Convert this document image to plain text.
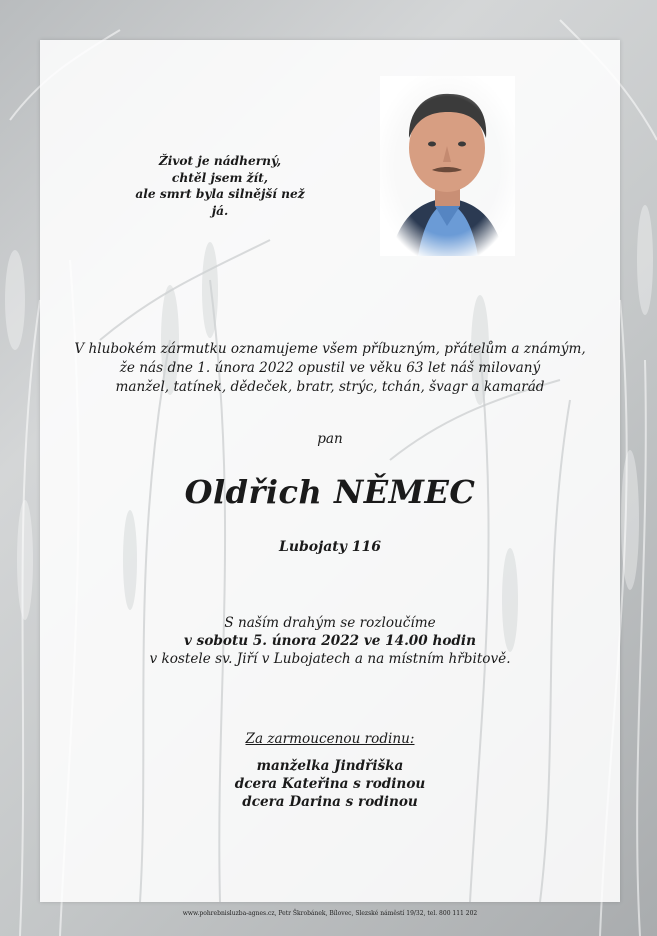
Život je nádherný,
chtěl jsem žít,
ale smrt byla silnější než já.
V hlubokém zármutku oznamujeme všem příbuzným, přátelům a známým,
že nás dne 1. února 2022 opustil ve věku 63 let náš milovaný
manžel, tatínek, dědeček, bratr, strýc, tchán, švagr a kamarád
pan
Oldřich NĚMEC
Lubojaty 116
S naším drahým se rozloučíme
v sobotu 5. února 2022 ve 14.00 hodin
v kostele sv. Jiří v Lubojatech a na místním hřbitově.
Za zarmoucenou rodinu:
manželka Jindřiška
dcera Kateřina s rodinou
dcera Darina s rodinou
www.pohrebnisluzba-agnes.cz, Petr Škrobánek, Bílovec, Slezské náměstí 19/32, tel. 800 111 202
